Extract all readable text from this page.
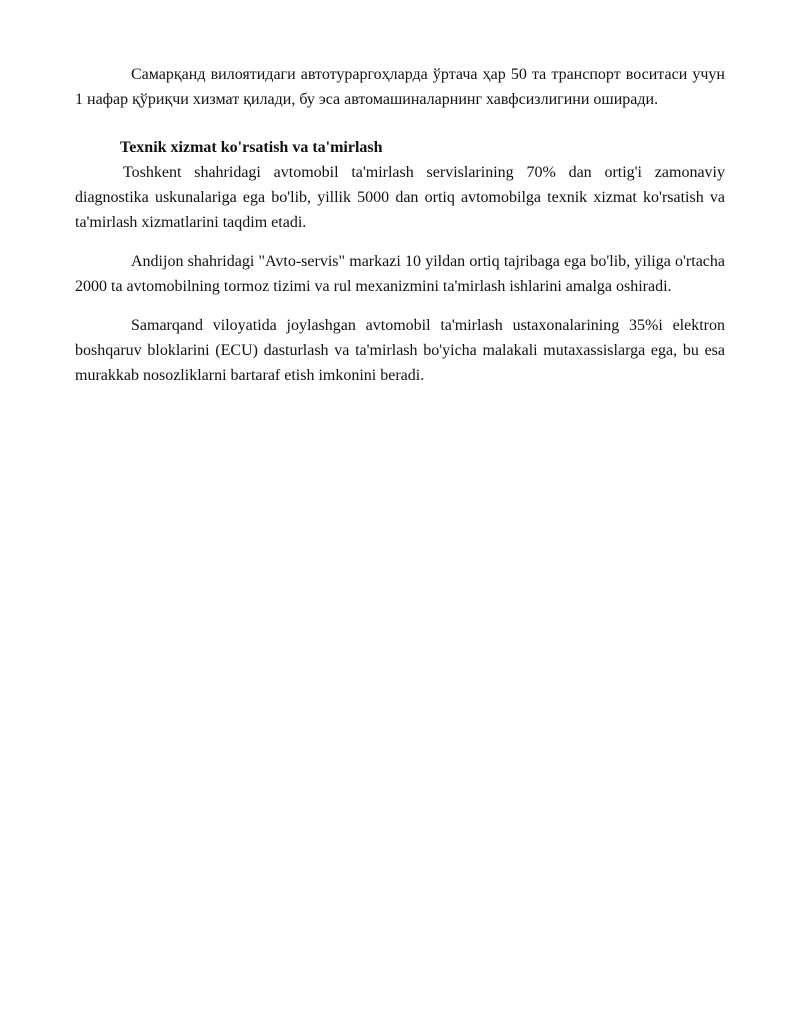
Самарқанд вилоятидаги автотураргоҳларда ўртача ҳар 50 та транспорт воситаси учун 1 нафар қўриқчи хизмат қилади, бу эса автомашиналарнинг хавфсизлигини оширади.

Texnik xizmat ko'rsatish va ta'mirlash

Toshkent shahridagi avtomobil ta'mirlash servislarining 70% dan ortig'i zamonaviy diagnostika uskunalariga ega bo'lib, yillik 5000 dan ortiq avtomobilga texnik xizmat ko'rsatish va ta'mirlash xizmatlarini taqdim etadi.

Andijon shahridagi "Avto-servis" markazi 10 yildan ortiq tajribaga ega bo'lib, yiliga o'rtacha 2000 ta avtomobilning tormoz tizimi va rul mexanizmini ta'mirlash ishlarini amalga oshiradi.

Samarqand viloyatida joylashgan avtomobil ta'mirlash ustaxonalarining 35%i elektron boshqaruv bloklarini (ECU) dasturlash va ta'mirlash bo'yicha malakali mutaxassislarga ega, bu esa murakkab nosozliklarni bartaraf etish imkonini beradi.
